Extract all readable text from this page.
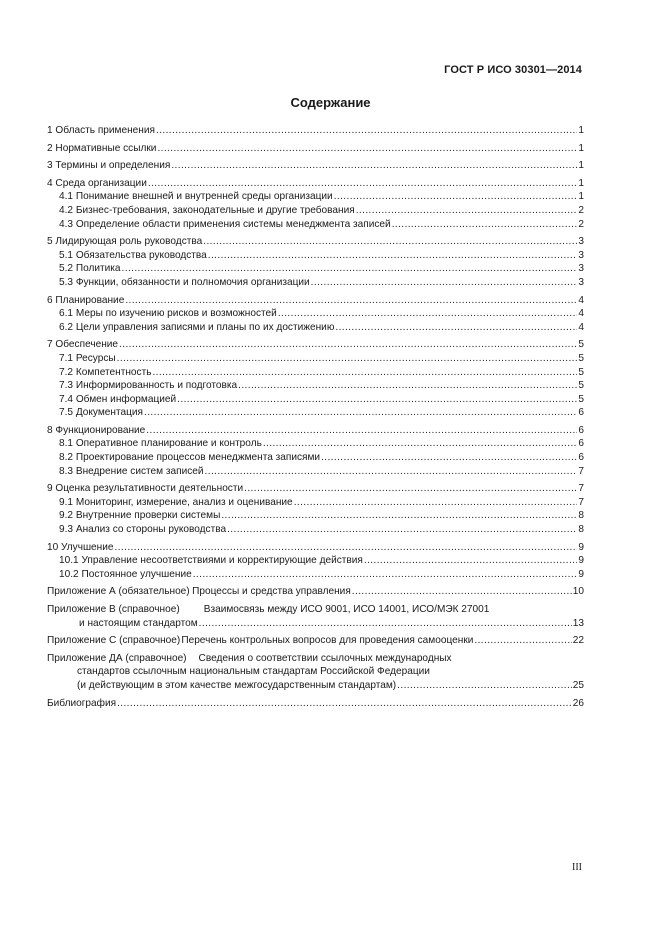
ГОСТ Р ИСО 30301—2014
Содержание
1 Область применения .....	1
2 Нормативные ссылки .....	1
3 Термины и определения .....	1
4 Среда организации .....	1
4.1 Понимание внешней и внутренней среды организации .....	1
4.2 Бизнес-требования, законодательные и другие требования .....	2
4.3 Определение области применения системы менеджмента записей .....	2
5 Лидирующая роль руководства .....	3
5.1 Обязательства руководства .....	3
5.2 Политика .....	3
5.3 Функции, обязанности и полномочия организации .....	3
6 Планирование .....	4
6.1 Меры по изучению рисков и возможностей .....	4
6.2 Цели управления записями и планы по их достижению .....	4
7 Обеспечение .....	5
7.1 Ресурсы .....	5
7.2 Компетентность .....	5
7.3 Информированность и подготовка .....	5
7.4 Обмен информацией .....	5
7.5 Документация .....	6
8 Функционирование .....	6
8.1 Оперативное планирование и контроль .....	6
8.2 Проектирование процессов менеджмента записями .....	6
8.3 Внедрение систем записей .....	7
9 Оценка результативности деятельности .....	7
9.1 Мониторинг, измерение, анализ и оценивание .....	7
9.2 Внутренние проверки системы .....	8
9.3 Анализ со стороны руководства .....	8
10 Улучшение .....	9
10.1 Управление несоответствиями и корректирующие действия .....	9
10.2 Постоянное улучшение .....	9
Приложение А (обязательное) Процессы и средства управления .....	10
Приложение В (справочное) Взаимосвязь между ИСО 9001, ИСО 14001, ИСО/МЭК 27001
и настоящим стандартом .....	13
Приложение С (справочное) Перечень контрольных вопросов для проведения самооценки .....	22
Приложение ДА (справочное) Сведения о соответствии ссылочных международных
стандартов ссылочным национальным стандартам Российской Федерации
(и действующим в этом качестве межгосударственным стандартам) .....	25
Библиография .....	26
III
